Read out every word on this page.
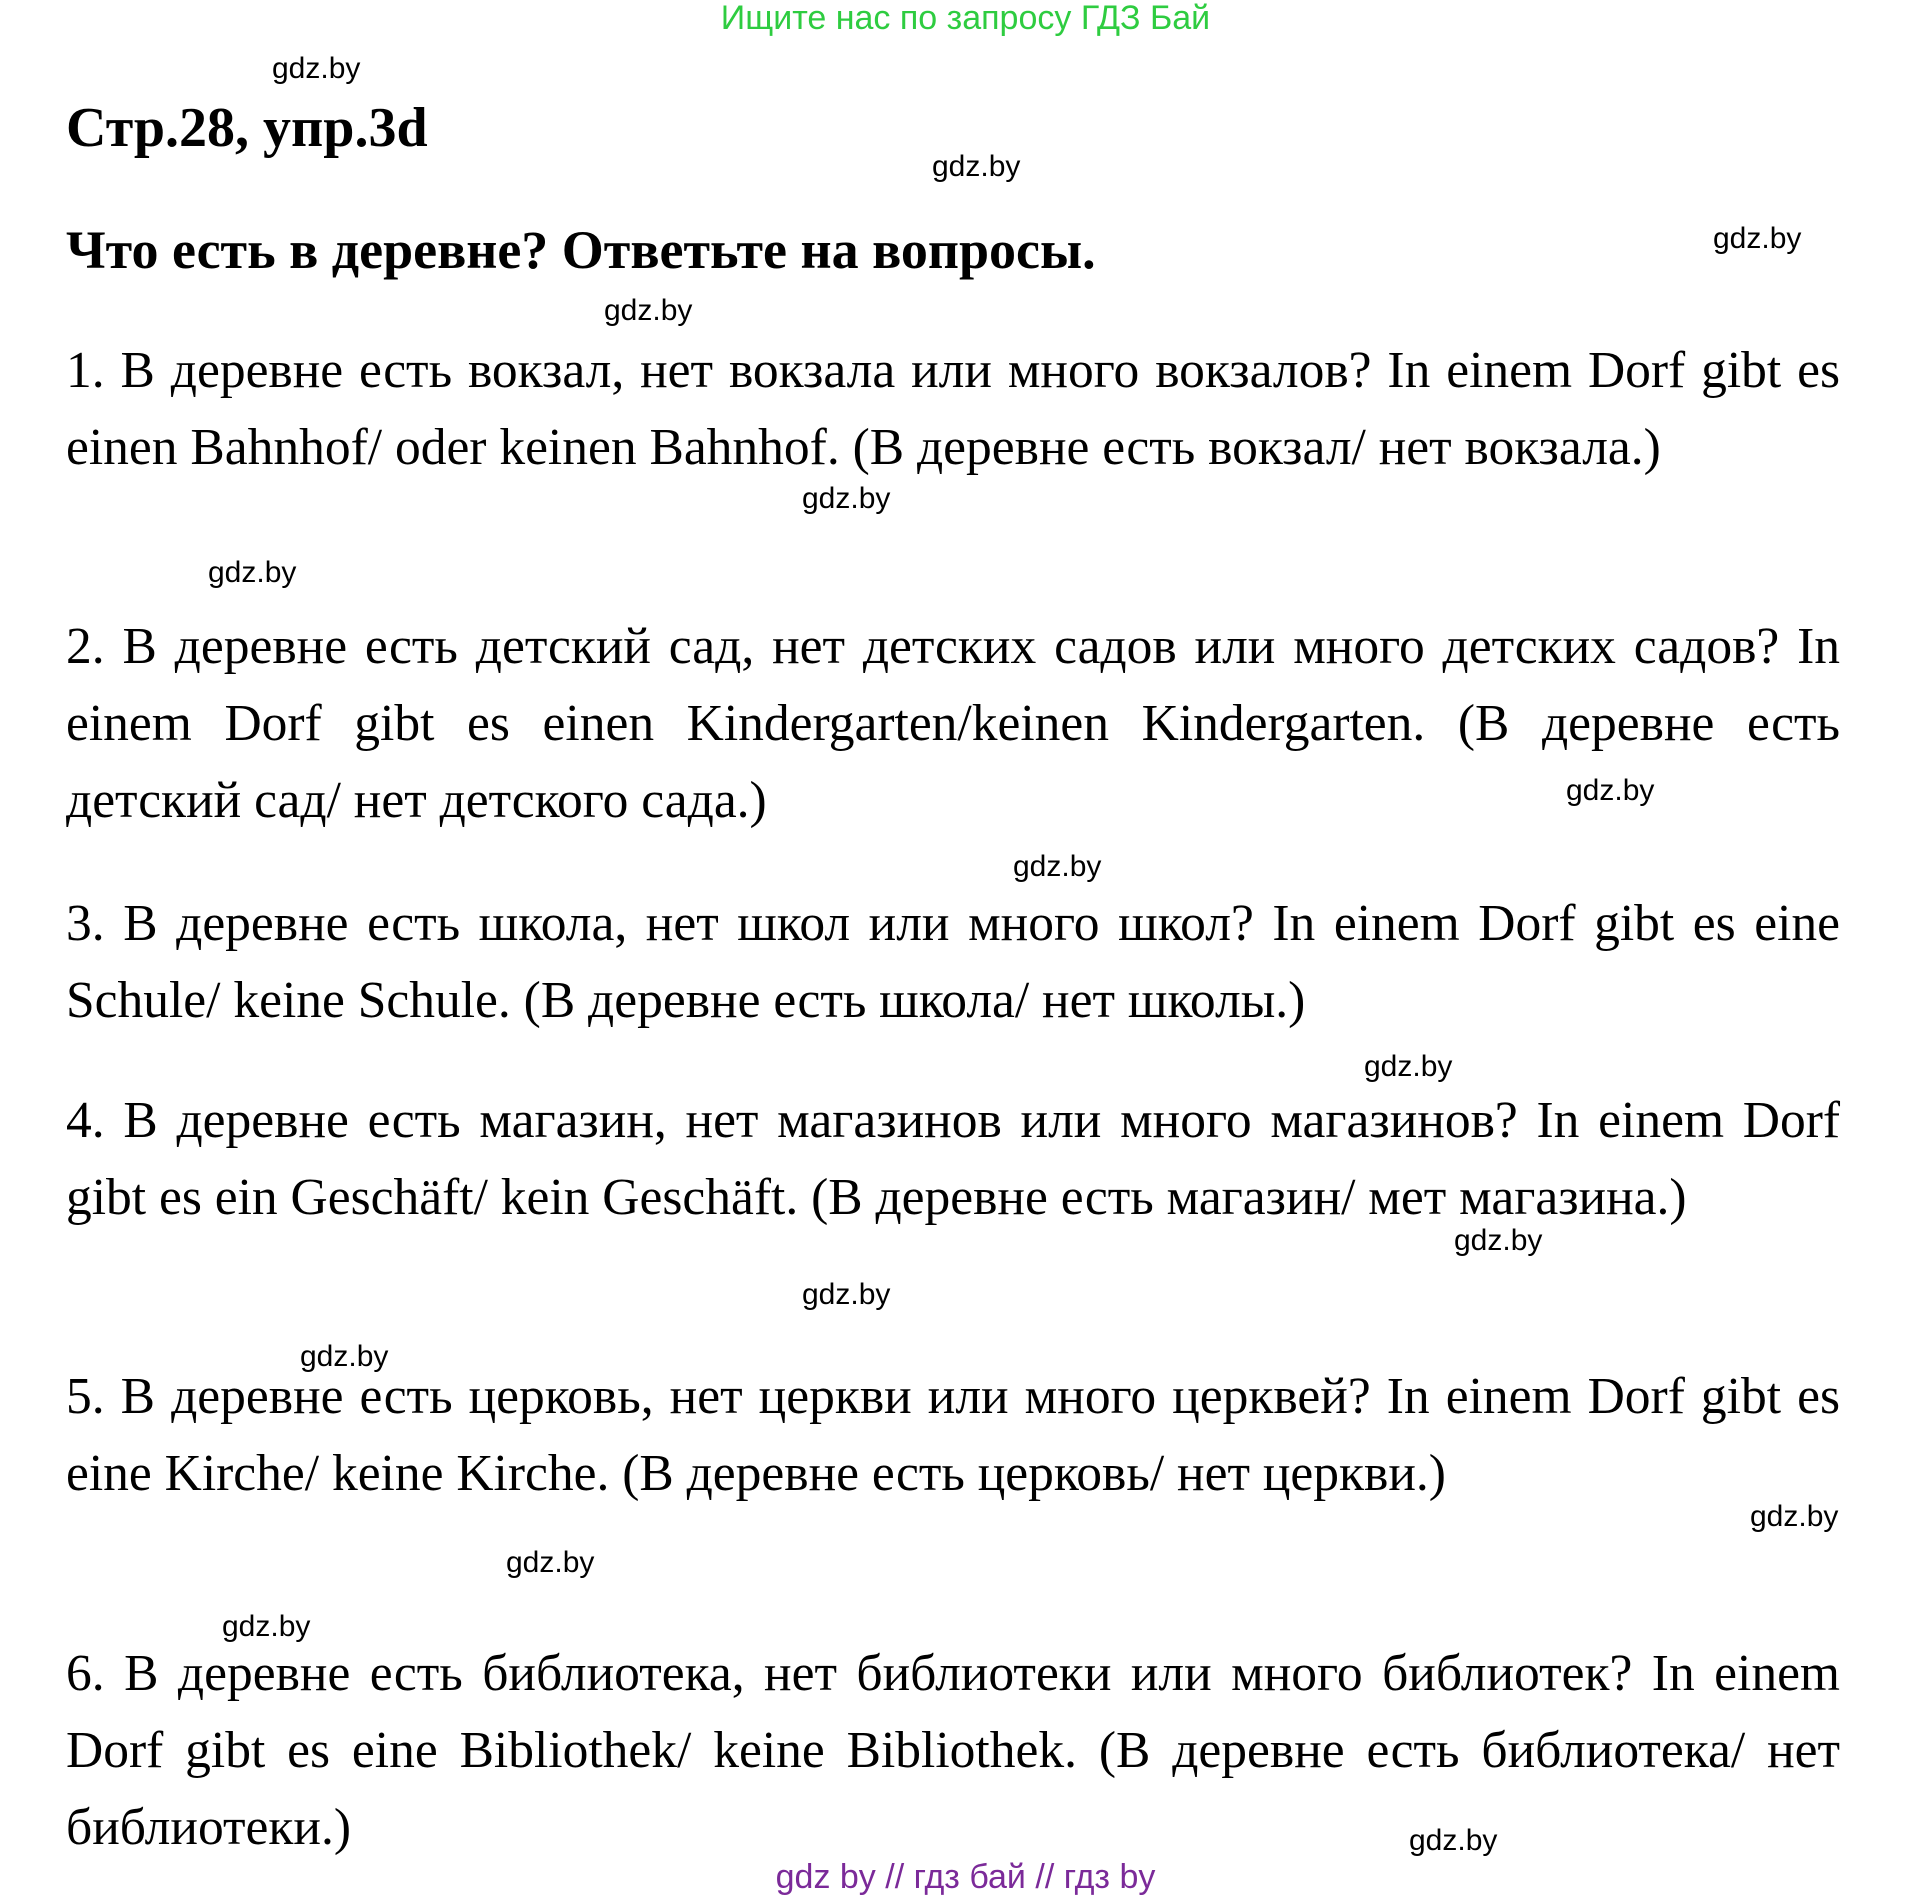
Ищите нас по запросу ГДЗ Бай
Стр.28, упр.3d
Что есть в деревне? Ответьте на вопросы.

1. В деревне есть вокзал, нет вокзала или много вокзалов? In einem Dorf gibt es einen Bahnhof/ oder keinen Bahnhof. (В деревне есть вокзал/ нет вокзала.)

2. В деревне есть детский сад, нет детских садов или много детских садов? In einem Dorf gibt es einen Kindergarten/keinen Kindergarten. (В деревне есть детский сад/ нет детского сада.)

3. В деревне есть школа, нет школ или много школ? In einem Dorf gibt es eine Schule/ keine Schule. (В деревне есть школа/ нет школы.)

4. В деревне есть магазин, нет магазинов или много магазинов? In einem Dorf gibt es ein Geschäft/ kein Geschäft. (В деревне есть магазин/ мет магазина.)

5. В деревне есть церковь, нет церкви или много церквей? In einem Dorf gibt es eine Kirche/ keine Kirche. (В деревне есть церковь/ нет церкви.)

6. В деревне есть библиотека, нет библиотеки или много библиотек? In einem Dorf gibt es eine Bibliothek/ keine Bibliothek. (В деревне есть библиотека/ нет библиотеки.)

gdz.by
gdz.by
gdz.by
gdz.by
gdz.by
gdz.by
gdz.by
gdz.by
gdz.by
gdz.by
gdz.by
gdz.by
gdz.by
gdz.by
gdz.by
gdz.by
gdz by // гдз бай // гдз by
